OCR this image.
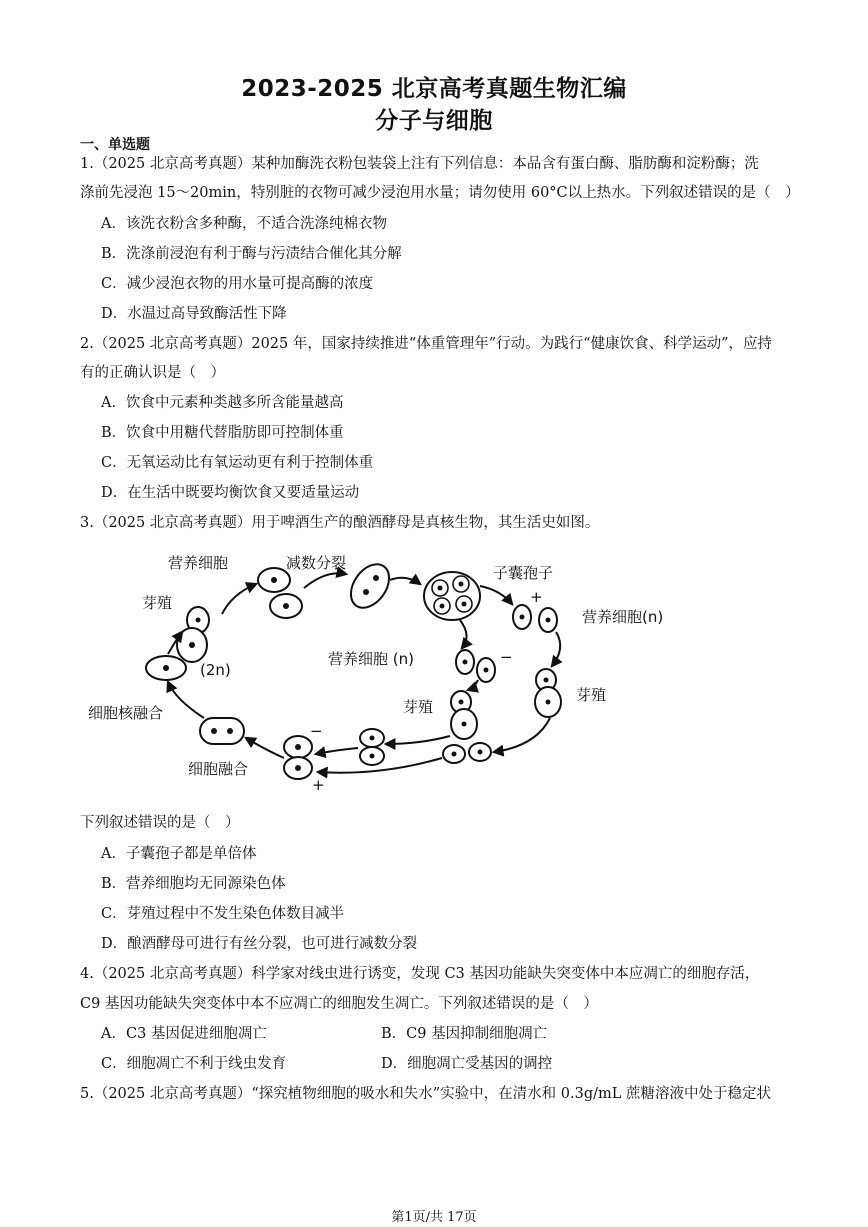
2023-2025 北京高考真题生物汇编
分子与细胞
一、单选题
1.（2025 北京高考真题）某种加酶洗衣粉包装袋上注有下列信息：本品含有蛋白酶、脂肪酶和淀粉酶；洗
涤前先浸泡 15～20min，特别脏的衣物可减少浸泡用水量；请勿使用 60°C以上热水。下列叙述错误的是（　）
A．该洗衣粉含多种酶，不适合洗涤纯棉衣物
B．洗涤前浸泡有利于酶与污渍结合催化其分解
C．减少浸泡衣物的用水量可提高酶的浓度
D．水温过高导致酶活性下降
2.（2025 北京高考真题）2025 年，国家持续推进“体重管理年”行动。为践行“健康饮食、科学运动”，应持
有的正确认识是（　）
A．饮食中元素种类越多所含能量越高
B．饮食中用糖代替脂肪即可控制体重
C．无氧运动比有氧运动更有利于控制体重
D．在生活中既要均衡饮食又要适量运动
3.（2025 北京高考真题）用于啤酒生产的酿酒酵母是真核生物，其生活史如图。
营养细胞	减数分裂
子囊孢子
芽殖
(2n)
营养细胞(n)
营养细胞 (n)
芽殖
芽殖
细胞核融合
细胞融合
+
−
−
+
下列叙述错误的是（　）
A．子囊孢子都是单倍体
B．营养细胞均无同源染色体
C．芽殖过程中不发生染色体数目减半
D．酿酒酵母可进行有丝分裂，也可进行减数分裂
4.（2025 北京高考真题）科学家对线虫进行诱变，发现 C3 基因功能缺失突变体中本应凋亡的细胞存活，
C9 基因功能缺失突变体中本不应凋亡的细胞发生凋亡。下列叙述错误的是（　）
A．C3 基因促进细胞凋亡	B．C9 基因抑制细胞凋亡
C．细胞凋亡不利于线虫发育	D．细胞凋亡受基因的调控
5.（2025 北京高考真题）“探究植物细胞的吸水和失水”实验中，在清水和 0.3g/mL 蔗糖溶液中处于稳定状
第1页/共 17页
